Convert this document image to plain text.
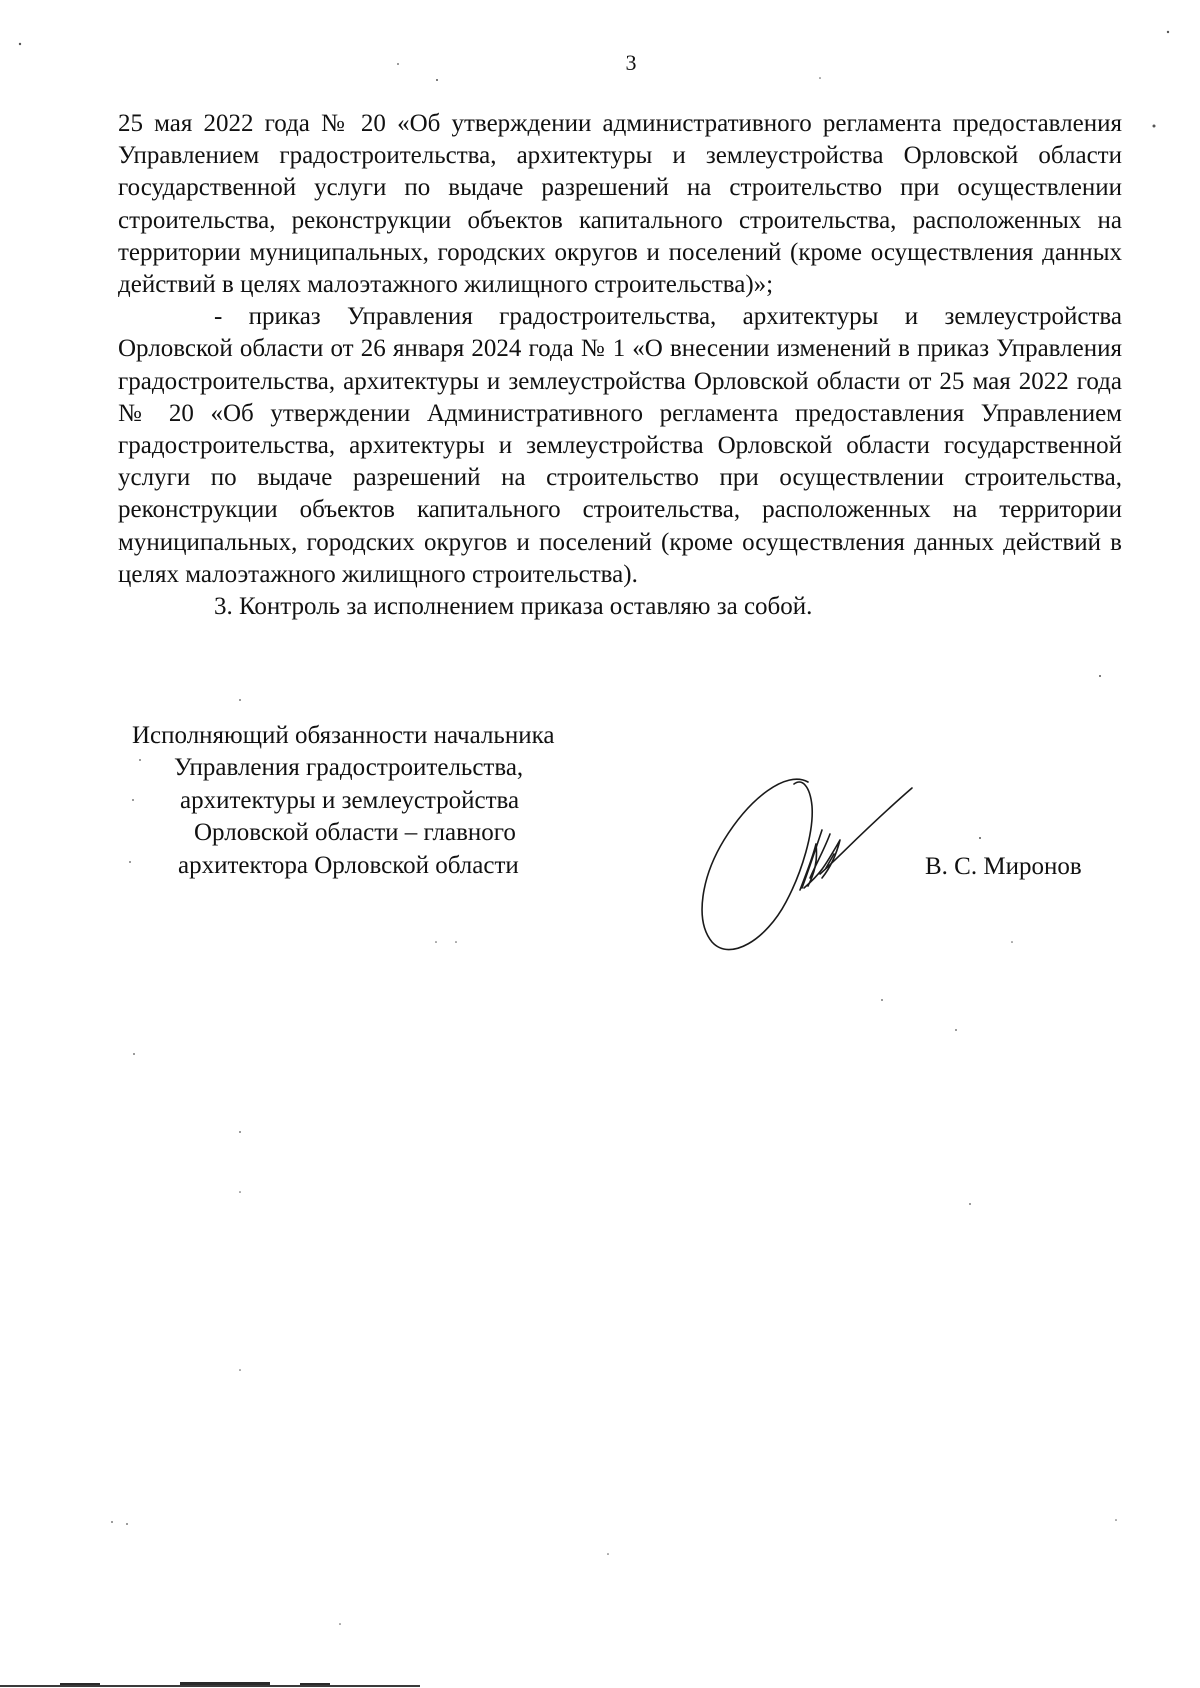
3

25 мая 2022 года № 20 «Об утверждении административного регламента предоставления Управлением градостроительства, архитектуры и землеустройства Орловской области государственной услуги по выдаче разрешений на строительство при осуществлении строительства, реконструкции объектов капитального строительства, расположенных на территории муниципальных, городских округов и поселений (кроме осуществления данных действий в целях малоэтажного жилищного строительства)»;

- приказ Управления градостроительства, архитектуры и землеустройства Орловской области от 26 января 2024 года № 1 «О внесении изменений в приказ Управления градостроительства, архитектуры и землеустройства Орловской области от 25 мая 2022 года № 20 «Об утверждении Административного регламента предоставления Управлением градостроительства, архитектуры и землеустройства Орловской области государственной услуги по выдаче разрешений на строительство при осуществлении строительства, реконструкции объектов капитального строительства, расположенных на территории муниципальных, городских округов и поселений (кроме осуществления данных действий в целях малоэтажного жилищного строительства).

3. Контроль за исполнением приказа оставляю за собой.

Исполняющий обязанности начальника
Управления градостроительства,
архитектуры и землеустройства
Орловской области – главного
архитектора Орловской области	В. С. Миронов
